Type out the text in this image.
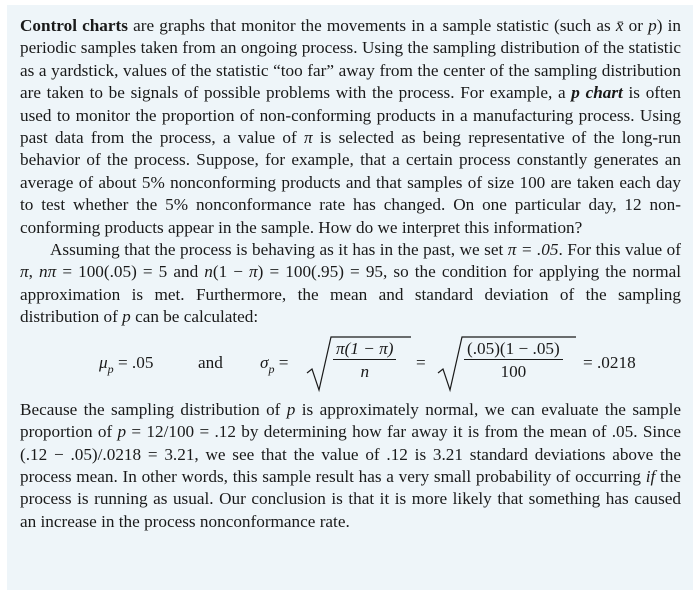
Control charts are graphs that monitor the movements in a sample statistic (such as x̄ or p) in periodic samples taken from an ongoing process. Using the sampling distribution of the statistic as a yardstick, values of the statistic “too far” away from the center of the sampling distribution are taken to be signals of possible problems with the process. For example, a p chart is often used to monitor the proportion of non-conforming products in a manufacturing process. Using past data from the process, a value of π is selected as being representative of the long-run behavior of the process. Suppose, for example, that a certain process constantly generates an average of about 5% nonconforming products and that samples of size 100 are taken each day to test whether the 5% nonconformance rate has changed. On one particular day, 12 non-conforming products appear in the sample. How do we interpret this information?

Assuming that the process is behaving as it has in the past, we set π = .05. For this value of π, nπ = 100(.05) = 5 and n(1 − π) = 100(.95) = 95, so the condition for applying the normal approximation is met. Furthermore, the mean and standard deviation of the sampling distribution of p can be calculated:

$\mu_p = .05$	and $\sigma_p$ =	$\frac{\pi(1 - \pi)}{n} = \frac{(.05)(1 - .05)}{100} = .0218$

Because the sampling distribution of p is approximately normal, we can evaluate the sample proportion of p = 12/100 = .12 by determining how far away it is from the mean of .05. Since (.12 − .05)/.0218 = 3.21, we see that the value of .12 is 3.21 standard deviations above the process mean. In other words, this sample result has a very small probability of occurring if the process is running as usual. Our conclusion is that it is more likely that something has caused an increase in the process nonconformance rate.
